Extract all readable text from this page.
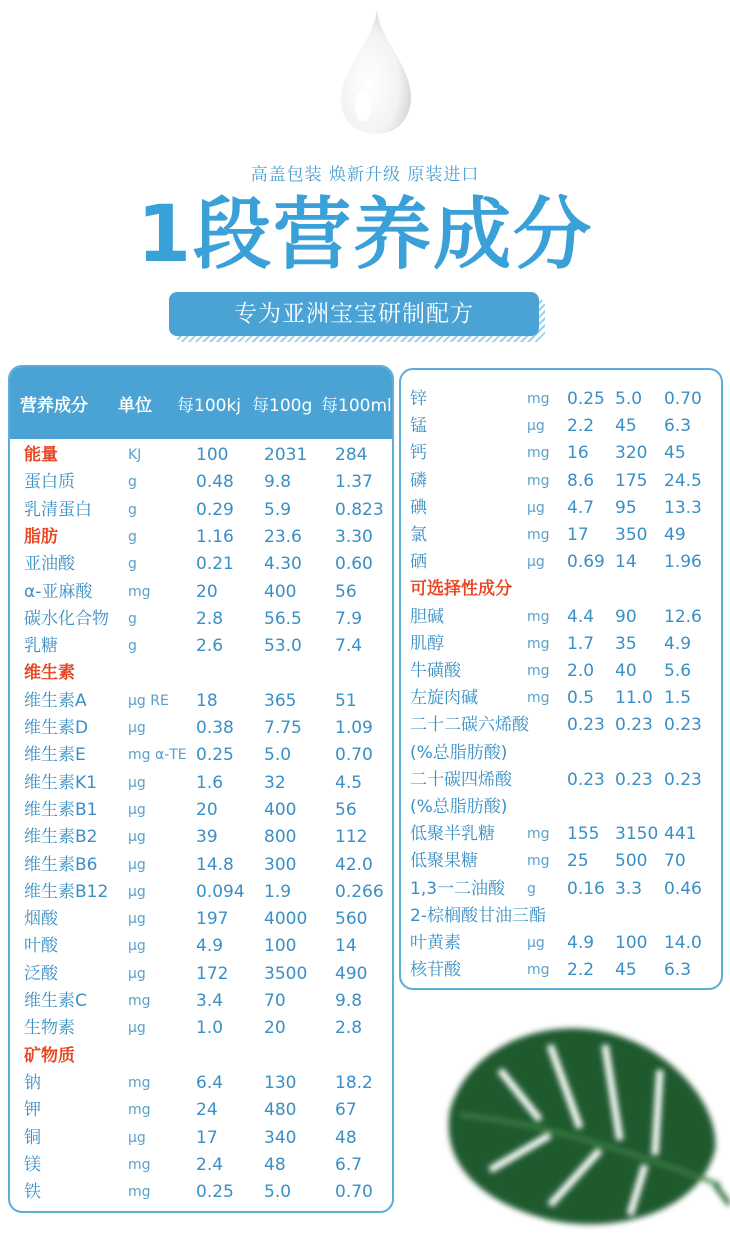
高盖包装 焕新升级 原装进口
1段营养成分
专为亚洲宝宝研制配方
营养成分 单位 每100kj 每100g 每100ml
能量	KJ	100 2031 284
蛋白质	g	0.48 9.8	1.37
乳清蛋白	g	0.29 5.9	0.823
脂肪	g	1.16 23.6 3.30
亚油酸	g	0.21 4.30 0.60
α-亚麻酸	mg	20	400 56
碳水化合物 g	2.8 56.5 7.9
乳糖	g	2.6 53.0 7.4
维生素
维生素A	μg RE 18	365 51
维生素D	μg	0.38 7.75 1.09
维生素E	mg α-TE 0.25 5.0	0.70
维生素K1 μg	1.6 32	4.5
维生素B1 μg	20	400 56
维生素B2 μg	39	800 112
维生素B6 μg	14.8 300 42.0
维生素B12 μg	0.094 1.9	0.266
烟酸	μg	197 4000 560
叶酸	μg	4.9 100 14
泛酸	μg	172 3500 490
维生素C	mg	3.4 70	9.8
生物素	μg	1.0 20	2.8
矿物质
钠	mg	6.4 130 18.2
钾	mg	24	480 67
铜	μg	17	340 48
镁	mg	2.4 48	6.7
铁	mg	0.25 5.0	0.70
锌	mg 0.25 5.0 0.70
锰	μg 2.2 45 6.3
钙	mg 16 320 45
磷	mg 8.6 175 24.5
碘	μg 4.7 95 13.3
氯	mg 17 350 49
硒	μg 0.69 14 1.96
可选择性成分
胆碱	mg 4.4 90 12.6
肌醇	mg 1.7 35 4.9
牛磺酸	mg 2.0 40 5.6
左旋肉碱	mg 0.5 11.0 1.5
二十二碳六烯酸 0.23 0.23 0.23
(%总脂肪酸)
二十碳四烯酸	0.23 0.23 0.23
(%总脂肪酸)
低聚半乳糖 mg 155 3150 441
低聚果糖	mg 25 500 70
1,3一二油酸 g 0.16 3.3 0.46
2-棕榈酸甘油三酯
叶黄素	μg 4.9 100 14.0
核苷酸	mg 2.2 45 6.3
